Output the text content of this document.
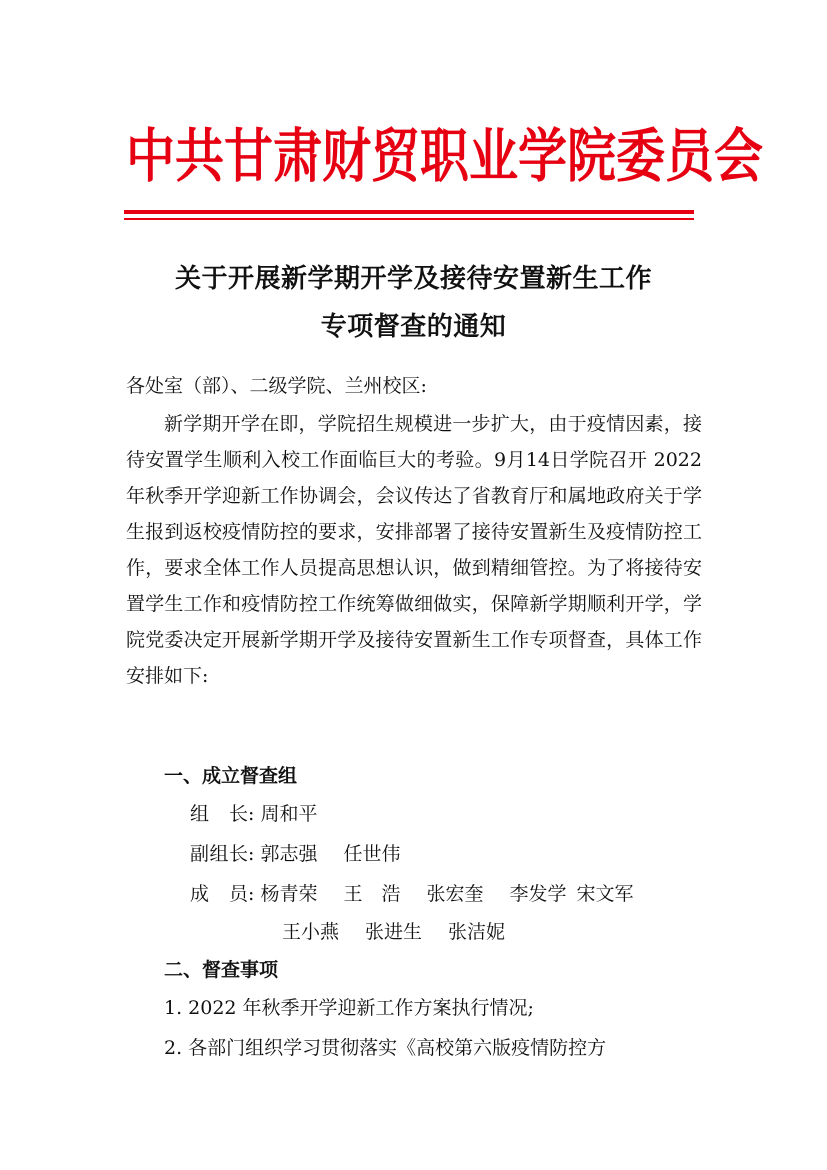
中共甘肃财贸职业学院委员会
关于开展新学期开学及接待安置新生工作
专项督查的通知
各处室（部）、二级学院、兰州校区:
新学期开学在即，学院招生规模进一步扩大，由于疫情因素，接待安置学生顺利入校工作面临巨大的考验。9月14日学院召开 2022 年秋季开学迎新工作协调会，会议传达了省教育厅和属地政府关于学生报到返校疫情防控的要求，安排部署了接待安置新生及疫情防控工作，要求全体工作人员提高思想认识，做到精细管控。为了将接待安置学生工作和疫情防控工作统筹做细做实，保障新学期顺利开学，学院党委决定开展新学期开学及接待安置新生工作专项督查，具体工作安排如下:
一、成立督查组
组长: 周和平
副组长: 郭志强 任世伟
成员: 杨青荣 王　浩 张宏奎 李发学 宋文军
王小燕 张进生 张洁妮
二、督查事项
1. 2022 年秋季开学迎新工作方案执行情况;
2. 各部门组织学习贯彻落实《高校第六版疫情防控方
